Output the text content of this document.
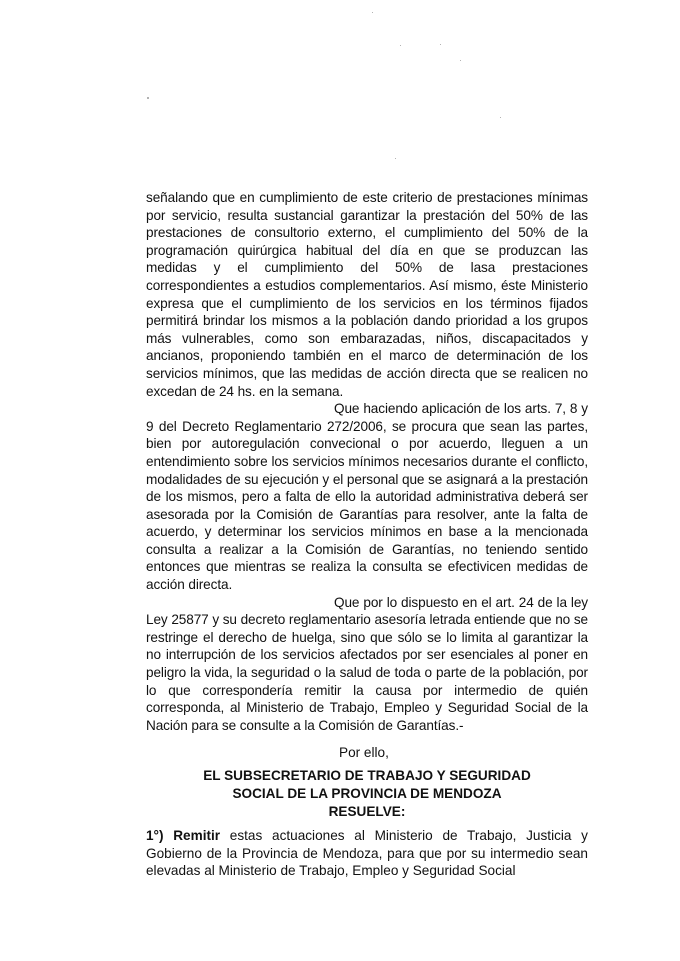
señalando que en cumplimiento de este criterio de prestaciones mínimas por servicio, resulta sustancial garantizar la prestación del 50% de las prestaciones de consultorio externo, el cumplimiento del 50% de la programación quirúrgica habitual del día en que se produzcan las medidas y el cumplimiento del 50% de lasa prestaciones correspondientes a estudios complementarios. Así mismo, éste Ministerio expresa que el cumplimiento de los servicios en los términos fijados permitirá brindar los mismos a la población dando prioridad a los grupos más vulnerables, como son embarazadas, niños, discapacitados y ancianos, proponiendo también en el marco de determinación de los servicios mínimos, que las medidas de acción directa que se realicen no excedan de 24 hs. en la semana.

Que haciendo aplicación de los arts. 7, 8 y 9 del Decreto Reglamentario 272/2006, se procura que sean las partes, bien por autoregulación convecional o por acuerdo, lleguen a un entendimiento sobre los servicios mínimos necesarios durante el conflicto, modalidades de su ejecución y el personal que se asignará a la prestación de los mismos, pero a falta de ello la autoridad administrativa deberá ser asesorada por la Comisión de Garantías para resolver, ante la falta de acuerdo, y determinar los servicios mínimos en base a la mencionada consulta a realizar a la Comisión de Garantías, no teniendo sentido entonces que mientras se realiza la consulta se efectivicen medidas de acción directa.

Que por lo dispuesto en el art. 24 de la ley Ley 25877 y su decreto reglamentario asesoría letrada entiende que no se restringe el derecho de huelga, sino que sólo se lo limita al garantizar la no interrupción de los servicios afectados por ser esenciales al poner en peligro la vida, la seguridad o la salud de toda o parte de la población, por lo que correspondería remitir la causa por intermedio de quién corresponda, al Ministerio de Trabajo, Empleo y Seguridad Social de la Nación para se consulte a la Comisión de Garantías.-

Por ello,
EL SUBSECRETARIO DE TRABAJO Y SEGURIDAD
SOCIAL DE LA PROVINCIA DE MENDOZA
RESUELVE:
1°) Remitir estas actuaciones al Ministerio de Trabajo, Justicia y Gobierno de la Provincia de Mendoza, para que por su intermedio sean elevadas al Ministerio de Trabajo, Empleo y Seguridad Social
